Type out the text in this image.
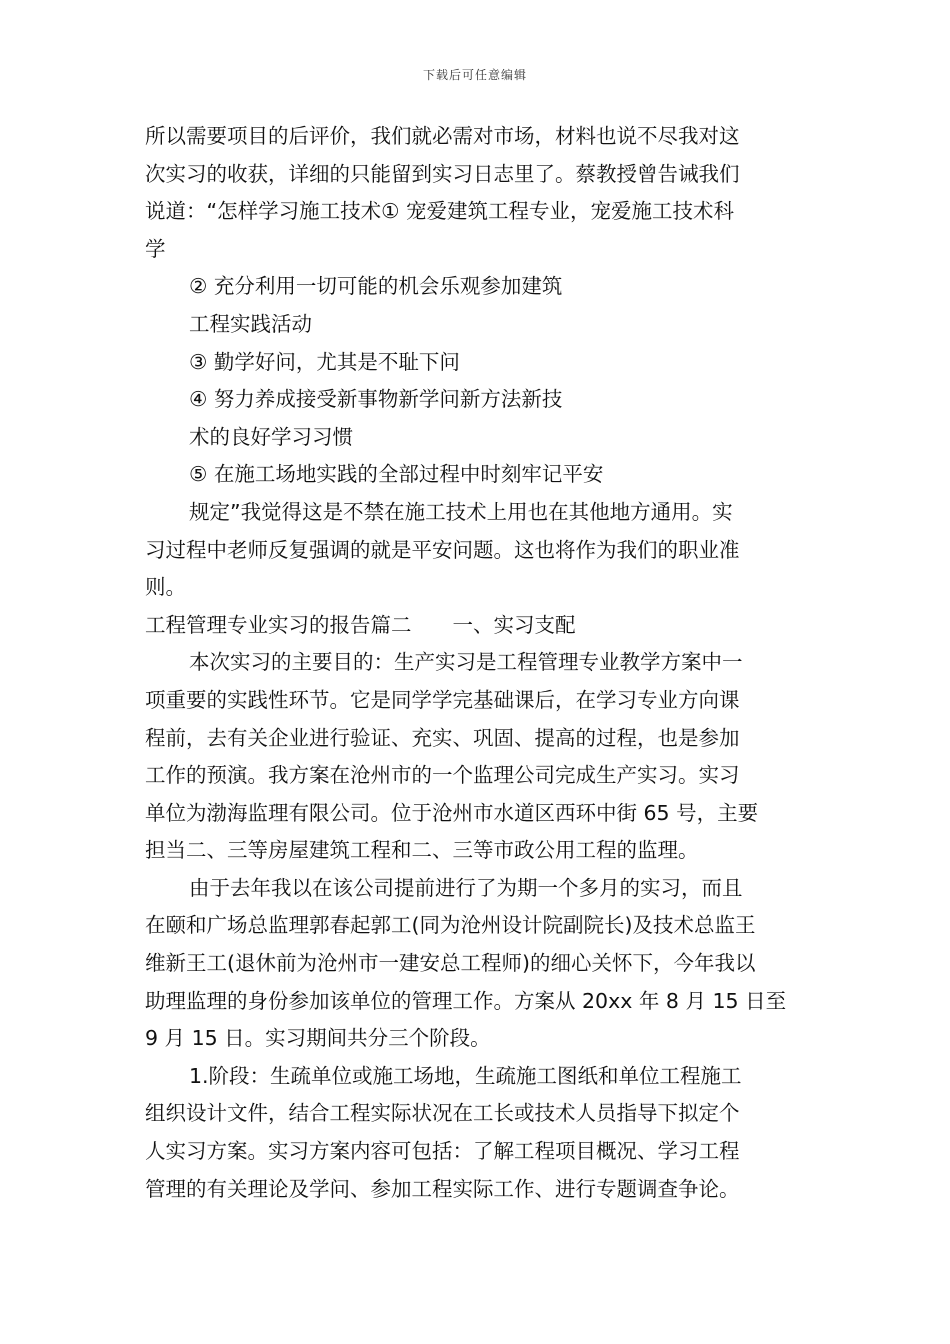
下载后可任意编辑
所以需要项目的后评价，我们就必需对市场，材料也说不尽我对这
次实习的收获，详细的只能留到实习日志里了。蔡教授曾告诫我们
说道：“怎样学习施工技术① 宠爱建筑工程专业，宠爱施工技术科
学
② 充分利用一切可能的机会乐观参加建筑
工程实践活动
③ 勤学好问，尤其是不耻下问
④ 努力养成接受新事物新学问新方法新技
术的良好学习习惯
⑤ 在施工场地实践的全部过程中时刻牢记平安
规定”我觉得这是不禁在施工技术上用也在其他地方通用。实
习过程中老师反复强调的就是平安问题。这也将作为我们的职业准
则。
工程管理专业实习的报告篇二　　一、实习支配
本次实习的主要目的：生产实习是工程管理专业教学方案中一
项重要的实践性环节。它是同学学完基础课后，在学习专业方向课
程前，去有关企业进行验证、充实、巩固、提高的过程，也是参加
工作的预演。我方案在沧州市的一个监理公司完成生产实习。实习
单位为渤海监理有限公司。位于沧州市水道区西环中街 65 号，主要
担当二、三等房屋建筑工程和二、三等市政公用工程的监理。
由于去年我以在该公司提前进行了为期一个多月的实习，而且
在颐和广场总监理郭春起郭工(同为沧州设计院副院长)及技术总监王
维新王工(退休前为沧州市一建安总工程师)的细心关怀下，今年我以
助理监理的身份参加该单位的管理工作。方案从 20xx 年 8 月 15 日至
9 月 15 日。实习期间共分三个阶段。
1.阶段：生疏单位或施工场地，生疏施工图纸和单位工程施工
组织设计文件，结合工程实际状况在工长或技术人员指导下拟定个
人实习方案。实习方案内容可包括：了解工程项目概况、学习工程
管理的有关理论及学问、参加工程实际工作、进行专题调查争论。
